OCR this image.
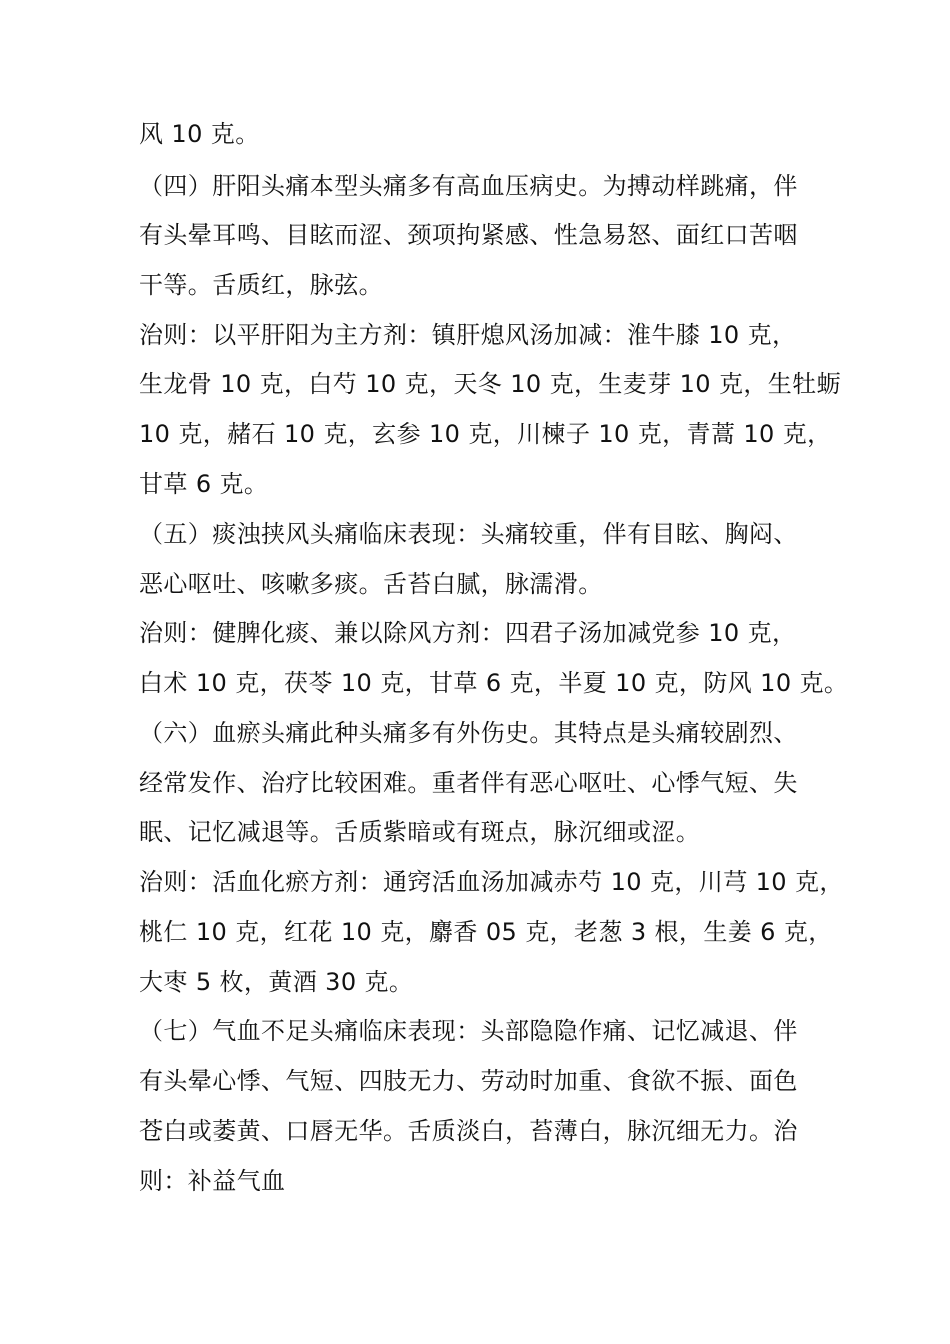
风 10 克。
（四）肝阳头痛本型头痛多有高血压病史。为搏动样跳痛，伴
有头晕耳鸣、目眩而涩、颈项拘紧感、性急易怒、面红口苦咽
干等。舌质红，脉弦。
治则：以平肝阳为主方剂：镇肝熄风汤加减：淮牛膝 10 克，
生龙骨 10 克，白芍 10 克，天冬 10 克，生麦芽 10 克，生牡蛎
10 克，赭石 10 克，玄参 10 克，川楝子 10 克，青蒿 10 克，
甘草 6 克。
（五）痰浊挟风头痛临床表现：头痛较重，伴有目眩、胸闷、
恶心呕吐、咳嗽多痰。舌苔白腻，脉濡滑。
治则：健脾化痰、兼以除风方剂：四君子汤加减党参 10 克，
白术 10 克，茯苓 10 克，甘草 6 克，半夏 10 克，防风 10 克。
（六）血瘀头痛此种头痛多有外伤史。其特点是头痛较剧烈、
经常发作、治疗比较困难。重者伴有恶心呕吐、心悸气短、失
眠、记忆减退等。舌质紫暗或有斑点，脉沉细或涩。
治则：活血化瘀方剂：通窍活血汤加减赤芍 10 克，川芎 10 克，
桃仁 10 克，红花 10 克，麝香 05 克，老葱 3 根，生姜 6 克，
大枣 5 枚，黄酒 30 克。
（七）气血不足头痛临床表现：头部隐隐作痛、记忆减退、伴
有头晕心悸、气短、四肢无力、劳动时加重、食欲不振、面色
苍白或萎黄、口唇无华。舌质淡白，苔薄白，脉沉细无力。治
则：补益气血
